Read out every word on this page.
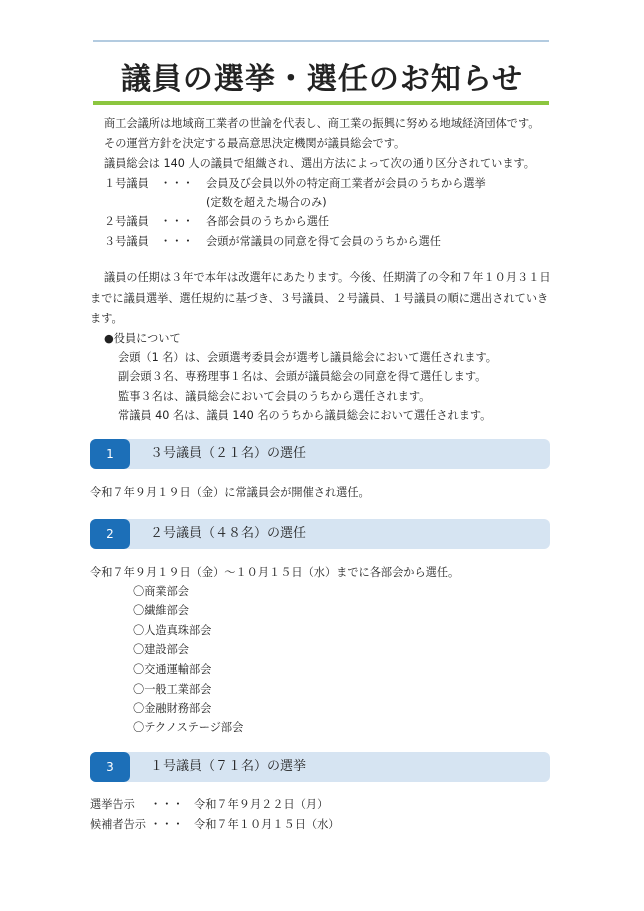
議員の選挙・選任のお知らせ
商工会議所は地域商工業者の世論を代表し、商工業の振興に努める地域経済団体です。
その運営方針を決定する最高意思決定機関が議員総会です。
議員総会は 140 人の議員で組織され、選出方法によって次の通り区分されています。
１号議員 ・・・ 会員及び会員以外の特定商工業者が会員のうちから選挙
(定数を超えた場合のみ)
２号議員 ・・・ 各部会員のうちから選任
３号議員 ・・・ 会頭が常議員の同意を得て会員のうちから選任
議員の任期は３年で本年は改選年にあたります。今後、任期満了の令和７年１０月３１日
までに議員選挙、選任規約に基づき、３号議員、２号議員、１号議員の順に選出されていき
ます。
●役員について
会頭（1 名）は、会頭選考委員会が選考し議員総会において選任されます。
副会頭３名、専務理事１名は、会頭が議員総会の同意を得て選任します。
監事３名は、議員総会において会員のうちから選任されます。
常議員 40 名は、議員 140 名のうちから議員総会において選任されます。
1	３号議員（２１名）の選任
令和７年９月１９日（金）に常議員会が開催され選任。
2	２号議員（４８名）の選任
令和７年９月１９日（金）～１０月１５日（水）までに各部会から選任。
〇商業部会
〇繊維部会
〇人造真珠部会
〇建設部会
〇交通運輸部会
〇一般工業部会
〇金融財務部会
〇テクノステージ部会
3	１号議員（７１名）の選挙
選挙告示 ・・・ 令和７年９月２２日（月）
候補者告示 ・・・ 令和７年１０月１５日（水）
